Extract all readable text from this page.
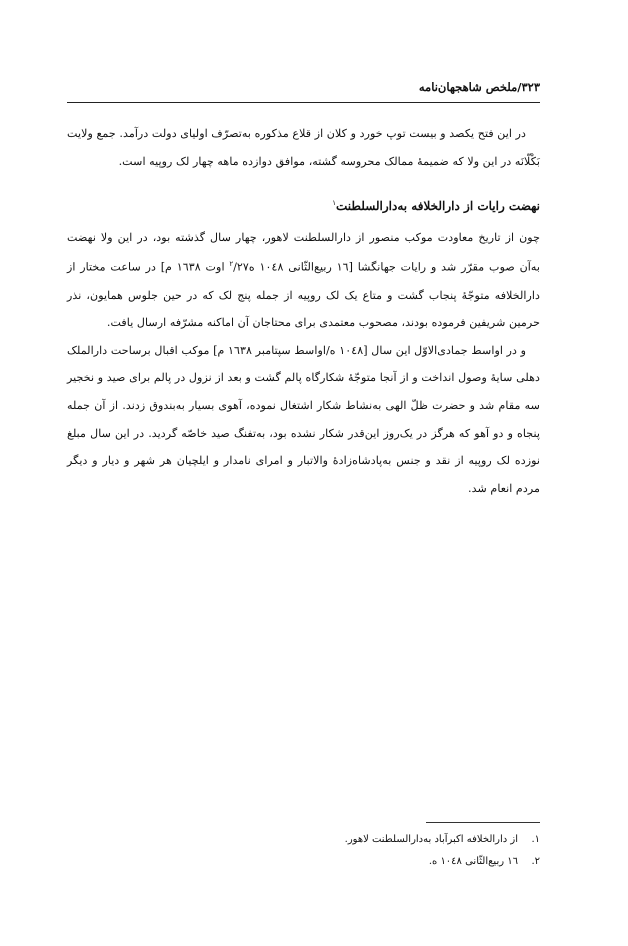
٣٢٣/ملخص شاهجهان‌نامه

در این فتح یکصد و بیست توپ خورد و کلان از قلاع مذکوره به‌تصرّف اولیای دولت درآمد. جمع ولایت بَکْلّانَه در این ولا که ضمیمهٔ ممالک محروسه گشته، موافق دوازده ماهه چهار لک روپیه است.

نهضت رایات از دارالخلافه به‌دارالسلطنت$^١$

چون از تاریخ معاودت موکب منصور از دارالسلطنت لاهور، چهار سال گذشته بود، در این ولا نهضت به‌آن صوب مقرّر شد و رایات جهانگشا [١٦ ربیع‌الثّانی ١٠٤٨ ه$^٢$/٢٧ اوت ١٦٣٨ م] در ساعت مختار از دارالخلافه متوجّهٔ پنجاب گشت و متاع یک لک روپیه از جمله پنج لک که در حین جلوس همایون، نذر حرمین شریفین فرموده بودند، مصحوب معتمدی برای محتاجان آن اماکنه مشرّفه ارسال یافت.

و در اواسط جمادی‌الاوّل این سال [١٠٤٨ ه/اواسط سپتامبر ١٦٣٨ م] موکب اقبال برساحت دارالملک دهلی سایهٔ وصول انداخت و از آنجا متوجّهٔ شکارگاه پالم گشت و بعد از نزول در پالم برای صید و نخجیر سه مقام شد و حضرت ظلّ الهی به‌نشاط شکار اشتغال نموده، آهوی بسیار به‌بندوق زدند. از آن جمله پنجاه و دو آهو که هرگز در یک‌روز این‌قدر شکار نشده بود، به‌تفنگ صید خاصّه گردید. در این سال مبلغ نوزده لک روپیه از نقد و جنس به‌پادشاه‌زادهٔ والاتبار و امرای نامدار و ایلچیان هر شهر و دیار و دیگر مردم انعام شد.

١.از دارالخلافه اکبرآباد به‌دارالسلطنت لاهور.
٢.١٦ ربیع‌الثّانی ١٠٤٨ ه.
